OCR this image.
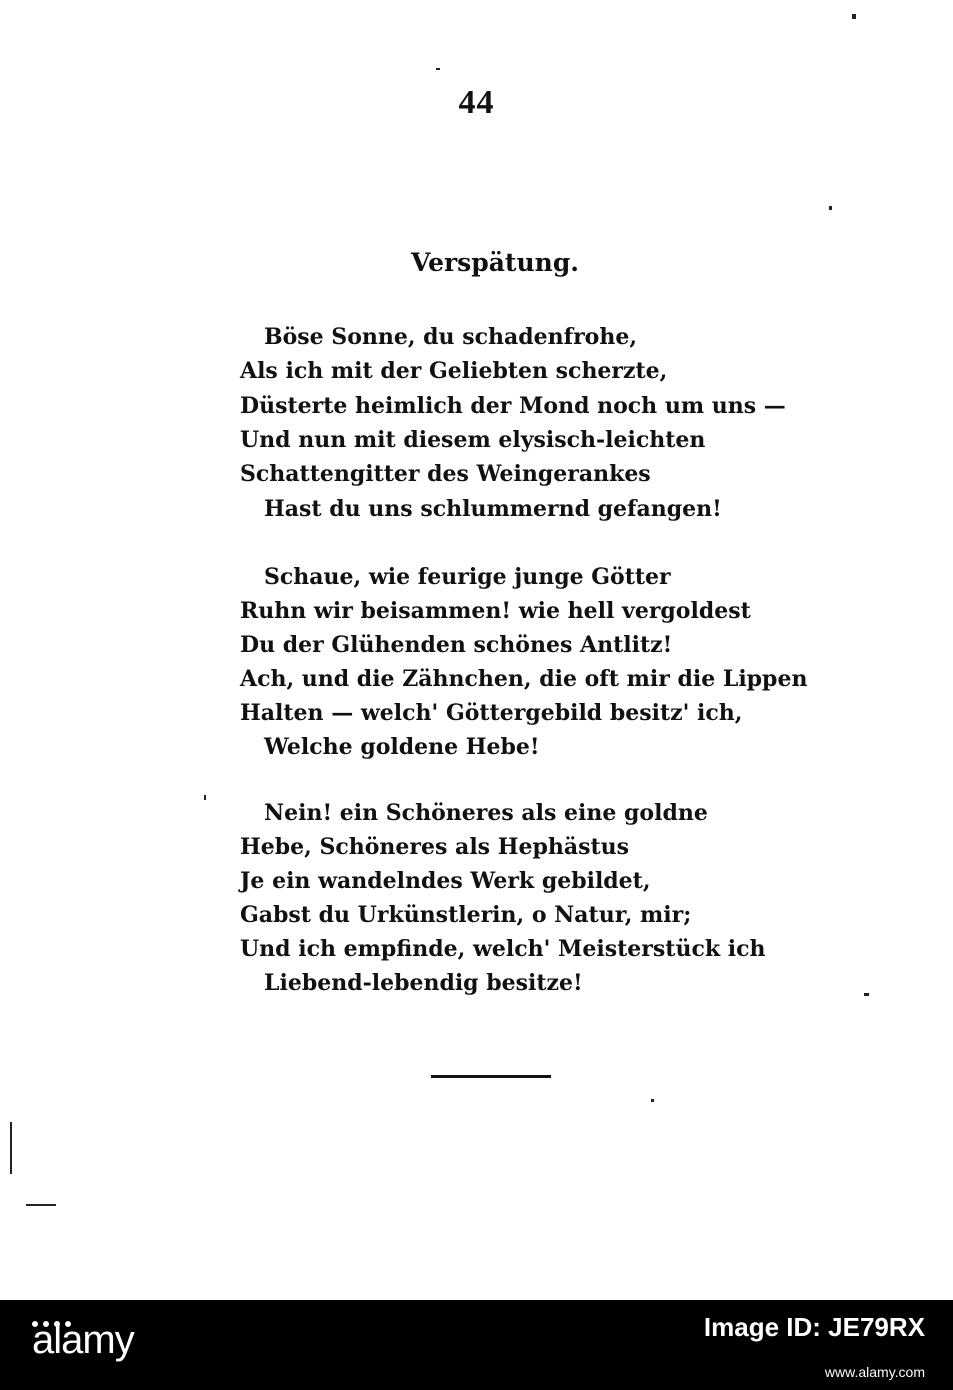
44
Verspätung.
Böse Sonne, du schadenfrohe,
Als ich mit der Geliebten scherzte,
Düsterte heimlich der Mond noch um uns —
Und nun mit diesem elysisch-leichten
Schattengitter des Weingerankes
Hast du uns schlummernd gefangen!
Schaue, wie feurige junge Götter
Ruhn wir beisammen! wie hell vergoldest
Du der Glühenden schönes Antlitz!
Ach, und die Zähnchen, die oft mir die Lippen
Halten — welch' Göttergebild besitz' ich,
Welche goldene Hebe!
Nein! ein Schöneres als eine goldne
Hebe, Schöneres als Hephästus
Je ein wandelndes Werk gebildet,
Gabst du Urkünstlerin, o Natur, mir;
Und ich empfinde, welch' Meisterstück ich
Liebend-lebendig besitze!
alamy	Image ID: JE79RX
www.alamy.com
